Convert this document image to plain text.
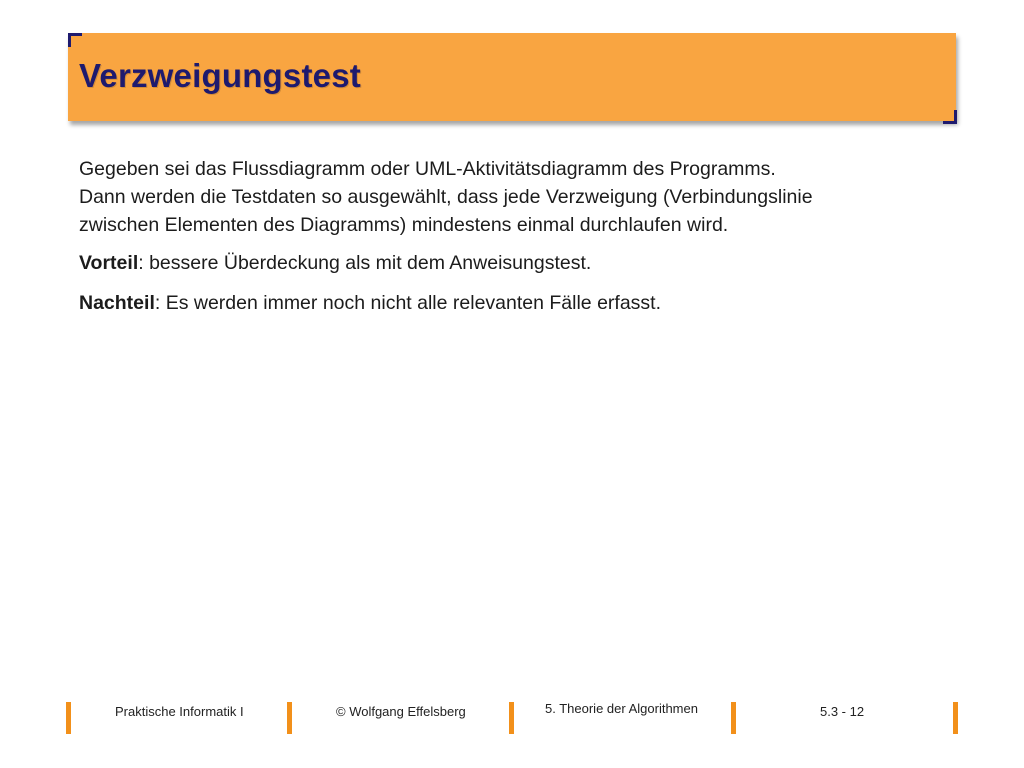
Verzweigungstest

Gegeben sei das Flussdiagramm oder UML-Aktivitätsdiagramm des Programms.
Dann werden die Testdaten so ausgewählt, dass jede Verzweigung (Verbindungslinie
zwischen Elementen des Diagramms) mindestens einmal durchlaufen wird.

Vorteil: bessere Überdeckung als mit dem Anweisungstest.

Nachteil: Es werden immer noch nicht alle relevanten Fälle erfasst.

Praktische Informatik I	© Wolfgang Effelsberg	5. Theorie der Algorithmen	5.3 - 12
